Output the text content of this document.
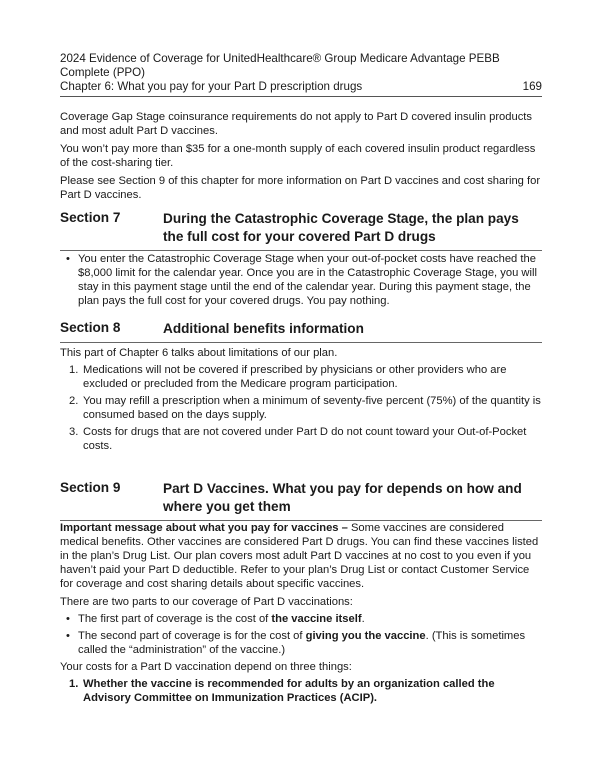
2024 Evidence of Coverage for UnitedHealthcare® Group Medicare Advantage PEBB Complete (PPO)
Chapter 6: What you pay for your Part D prescription drugs	169

Coverage Gap Stage coinsurance requirements do not apply to Part D covered insulin products and most adult Part D vaccines.

You won’t pay more than $35 for a one-month supply of each covered insulin product regardless of the cost-sharing tier.

Please see Section 9 of this chapter for more information on Part D vaccines and cost sharing for Part D vaccines.

Section 7	During the Catastrophic Coverage Stage, the plan pays the full cost for your covered Part D drugs
• You enter the Catastrophic Coverage Stage when your out-of-pocket costs have reached the $8,000 limit for the calendar year. Once you are in the Catastrophic Coverage Stage, you will stay in this payment stage until the end of the calendar year. During this payment stage, the plan pays the full cost for your covered drugs. You pay nothing.
Section 8	Additional benefits information

This part of Chapter 6 talks about limitations of our plan.

1. Medications will not be covered if prescribed by physicians or other providers who are excluded or precluded from the Medicare program participation.
2. You may refill a prescription when a minimum of seventy-five percent (75%) of the quantity is consumed based on the days supply.
3. Costs for drugs that are not covered under Part D do not count toward your Out-of-Pocket costs.
Section 9	Part D Vaccines. What you pay for depends on how and where you get them

Important message about what you pay for vaccines – Some vaccines are considered medical benefits. Other vaccines are considered Part D drugs. You can find these vaccines listed in the plan’s Drug List. Our plan covers most adult Part D vaccines at no cost to you even if you haven’t paid your Part D deductible. Refer to your plan’s Drug List or contact Customer Service for coverage and cost sharing details about specific vaccines.

There are two parts to our coverage of Part D vaccinations:

• The first part of coverage is the cost of the vaccine itself.
• The second part of coverage is for the cost of giving you the vaccine. (This is sometimes called the “administration” of the vaccine.)

Your costs for a Part D vaccination depend on three things:

1. Whether the vaccine is recommended for adults by an organization called the Advisory Committee on Immunization Practices (ACIP).
